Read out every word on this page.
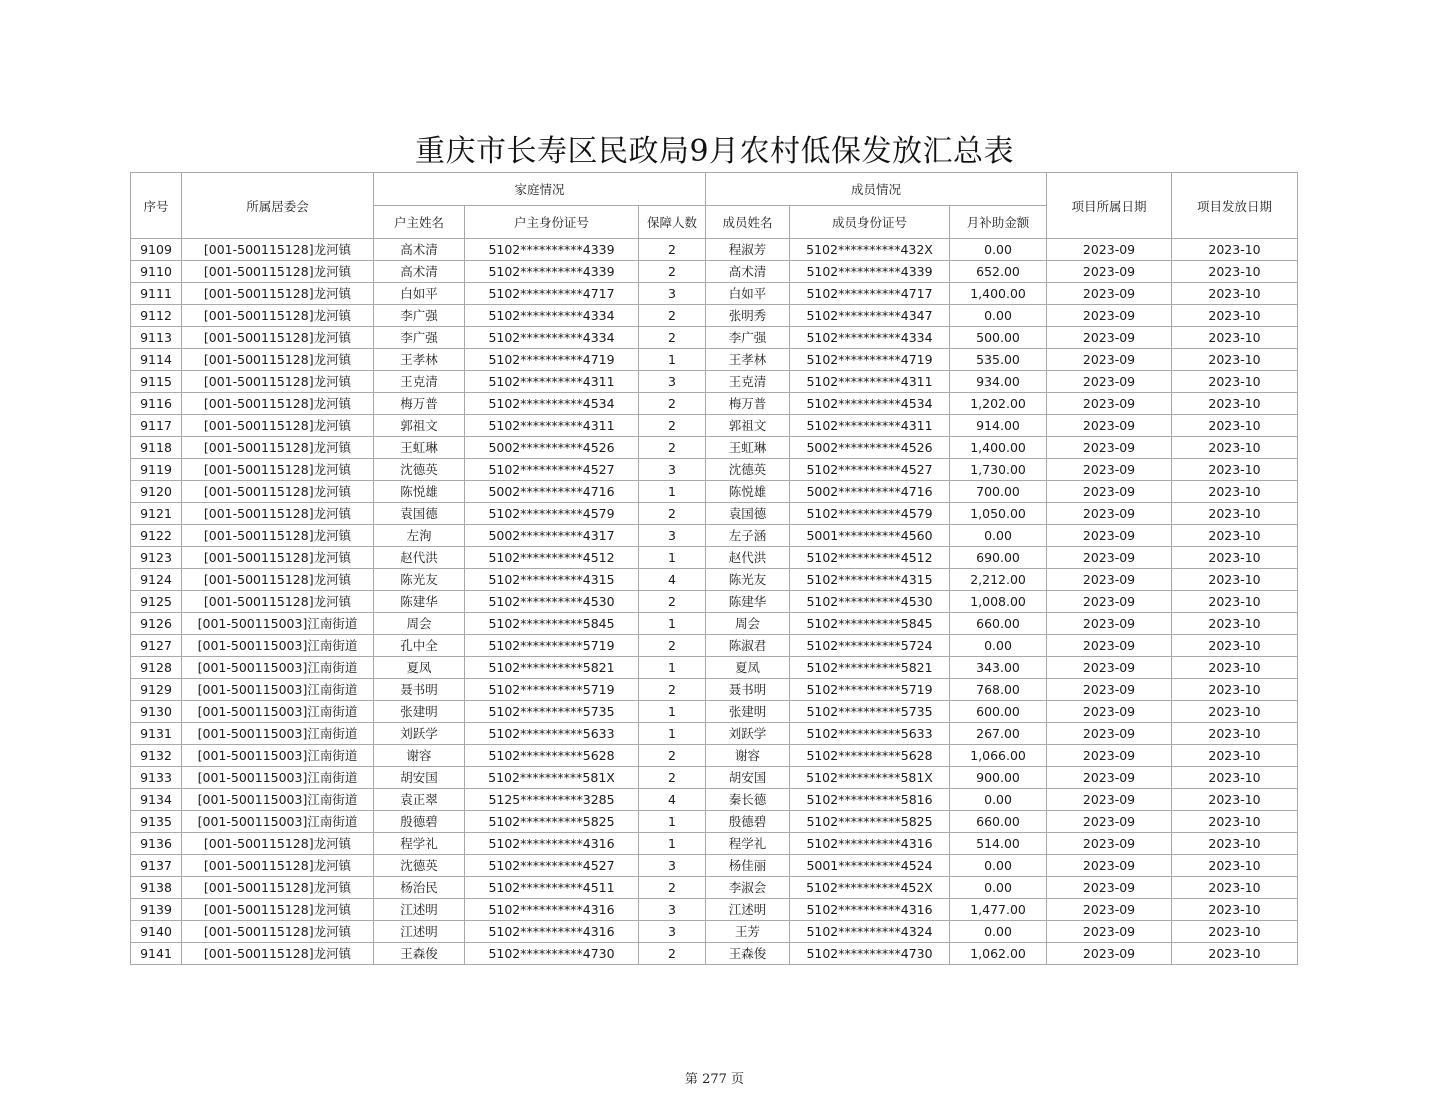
重庆市长寿区民政局9月农村低保发放汇总表
序号	所属居委会	家庭情况			成员情况			项目所属日期	项目发放日期
		户主姓名	户主身份证号	保障人数	成员姓名	成员身份证号	月补助金额		
9109	[001-500115128]龙河镇	高术清	5102**********4339	2	程淑芳	5102**********432X	0.00	2023-09	2023-10
9110	[001-500115128]龙河镇	高术清	5102**********4339	2	高术清	5102**********4339	652.00	2023-09	2023-10
9111	[001-500115128]龙河镇	白如平	5102**********4717	3	白如平	5102**********4717	1,400.00	2023-09	2023-10
9112	[001-500115128]龙河镇	李广强	5102**********4334	2	张明秀	5102**********4347	0.00	2023-09	2023-10
9113	[001-500115128]龙河镇	李广强	5102**********4334	2	李广强	5102**********4334	500.00	2023-09	2023-10
9114	[001-500115128]龙河镇	王孝林	5102**********4719	1	王孝林	5102**********4719	535.00	2023-09	2023-10
9115	[001-500115128]龙河镇	王克清	5102**********4311	3	王克清	5102**********4311	934.00	2023-09	2023-10
9116	[001-500115128]龙河镇	梅万普	5102**********4534	2	梅万普	5102**********4534	1,202.00	2023-09	2023-10
9117	[001-500115128]龙河镇	郭祖文	5102**********4311	2	郭祖文	5102**********4311	914.00	2023-09	2023-10
9118	[001-500115128]龙河镇	王虹琳	5002**********4526	2	王虹琳	5002**********4526	1,400.00	2023-09	2023-10
9119	[001-500115128]龙河镇	沈德英	5102**********4527	3	沈德英	5102**********4527	1,730.00	2023-09	2023-10
9120	[001-500115128]龙河镇	陈悦雄	5002**********4716	1	陈悦雄	5002**********4716	700.00	2023-09	2023-10
9121	[001-500115128]龙河镇	袁国德	5102**********4579	2	袁国德	5102**********4579	1,050.00	2023-09	2023-10
9122	[001-500115128]龙河镇	左洵	5002**********4317	3	左子涵	5001**********4560	0.00	2023-09	2023-10
9123	[001-500115128]龙河镇	赵代洪	5102**********4512	1	赵代洪	5102**********4512	690.00	2023-09	2023-10
9124	[001-500115128]龙河镇	陈光友	5102**********4315	4	陈光友	5102**********4315	2,212.00	2023-09	2023-10
9125	[001-500115128]龙河镇	陈建华	5102**********4530	2	陈建华	5102**********4530	1,008.00	2023-09	2023-10
9126	[001-500115003]江南街道	周会	5102**********5845	1	周会	5102**********5845	660.00	2023-09	2023-10
9127	[001-500115003]江南街道	孔中全	5102**********5719	2	陈淑君	5102**********5724	0.00	2023-09	2023-10
9128	[001-500115003]江南街道	夏凤	5102**********5821	1	夏凤	5102**********5821	343.00	2023-09	2023-10
9129	[001-500115003]江南街道	聂书明	5102**********5719	2	聂书明	5102**********5719	768.00	2023-09	2023-10
9130	[001-500115003]江南街道	张建明	5102**********5735	1	张建明	5102**********5735	600.00	2023-09	2023-10
9131	[001-500115003]江南街道	刘跃学	5102**********5633	1	刘跃学	5102**********5633	267.00	2023-09	2023-10
9132	[001-500115003]江南街道	谢容	5102**********5628	2	谢容	5102**********5628	1,066.00	2023-09	2023-10
9133	[001-500115003]江南街道	胡安国	5102**********581X	2	胡安国	5102**********581X	900.00	2023-09	2023-10
9134	[001-500115003]江南街道	袁正翠	5125**********3285	4	秦长德	5102**********5816	0.00	2023-09	2023-10
9135	[001-500115003]江南街道	殷德碧	5102**********5825	1	殷德碧	5102**********5825	660.00	2023-09	2023-10
9136	[001-500115128]龙河镇	程学礼	5102**********4316	1	程学礼	5102**********4316	514.00	2023-09	2023-10
9137	[001-500115128]龙河镇	沈德英	5102**********4527	3	杨佳丽	5001**********4524	0.00	2023-09	2023-10
9138	[001-500115128]龙河镇	杨治民	5102**********4511	2	李淑会	5102**********452X	0.00	2023-09	2023-10
9139	[001-500115128]龙河镇	江述明	5102**********4316	3	江述明	5102**********4316	1,477.00	2023-09	2023-10
9140	[001-500115128]龙河镇	江述明	5102**********4316	3	王芳	5102**********4324	0.00	2023-09	2023-10
9141	[001-500115128]龙河镇	王森俊	5102**********4730	2	王森俊	5102**********4730	1,062.00	2023-09	2023-10
第 277 页
